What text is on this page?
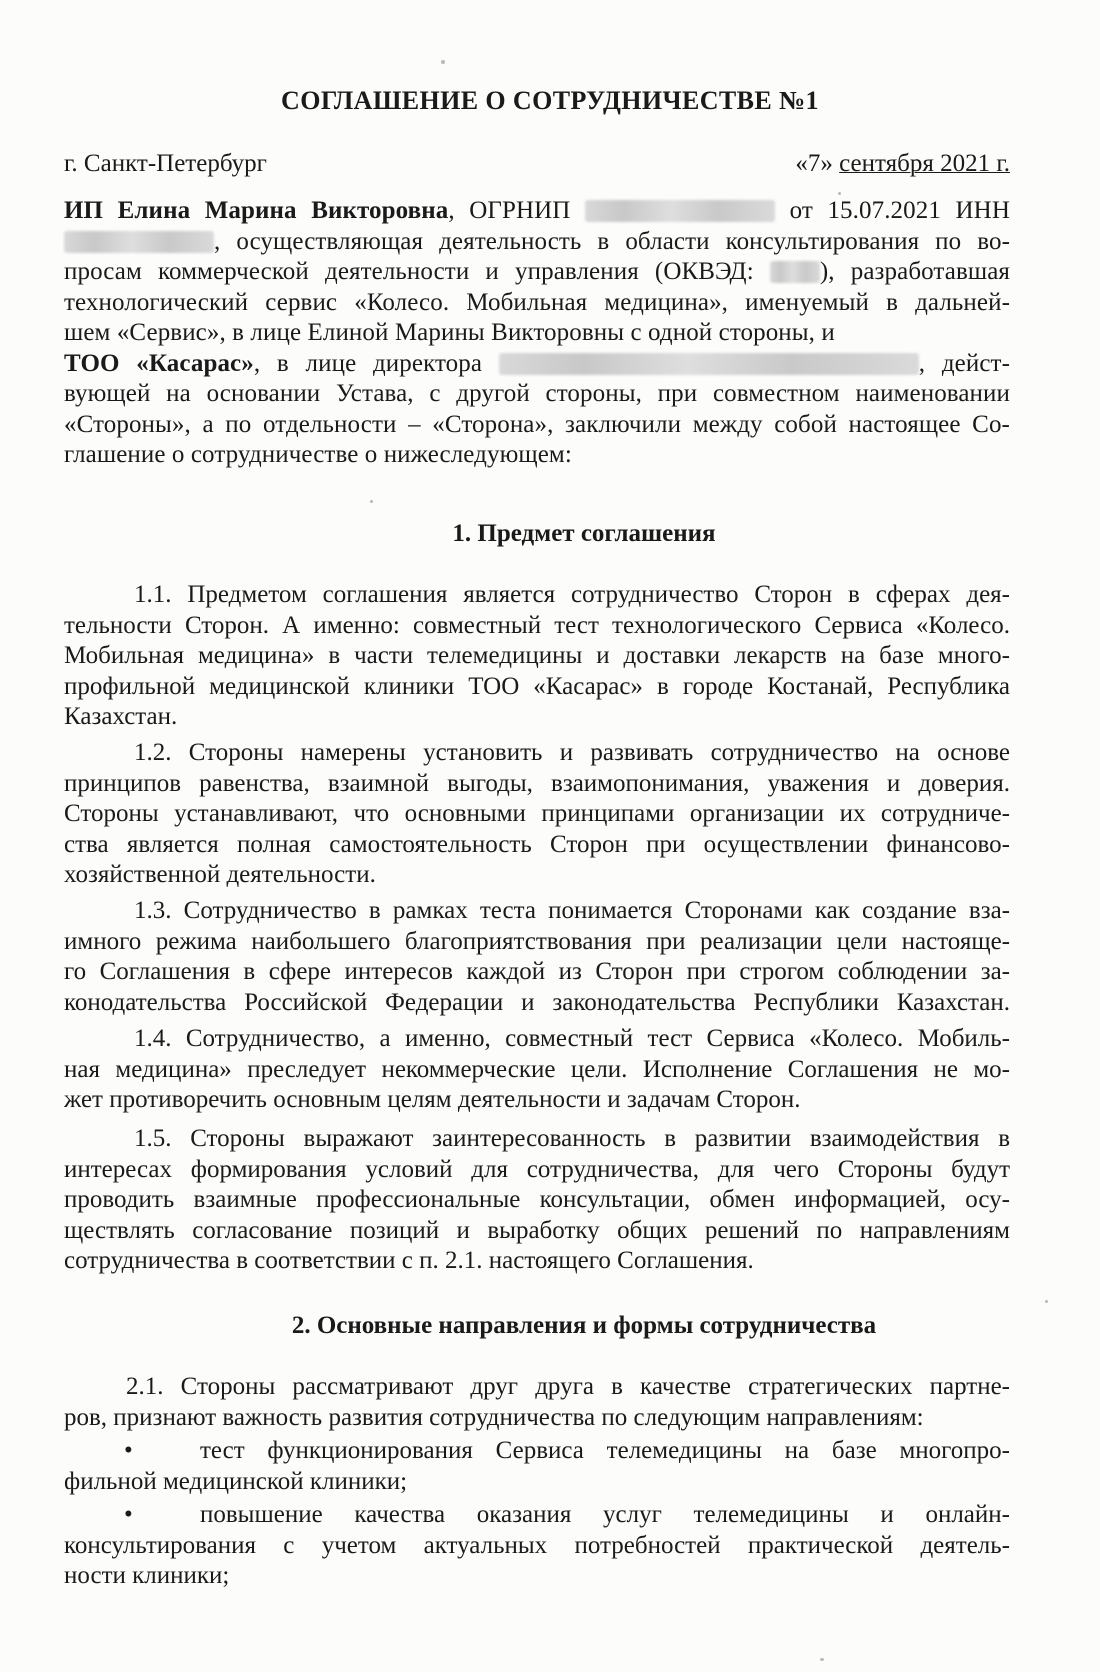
СОГЛАШЕНИЕ О СОТРУДНИЧЕСТВЕ №1
г. Санкт-Петербург	«7» сентября 2021 г.
ИП Елина Марина Викторовна, ОГРНИП	от 15.07.2021 ИНН
, осуществляющая деятельность в области консультирования по во-
просам коммерческой деятельности и управления (ОКВЭД:	), разработавшая
технологический сервис «Колесо. Мобильная медицина», именуемый в дальней-
шем «Сервис», в лице Елиной Марины Викторовны с одной стороны, и
ТОО «Касарас», в лице директора	, дейст-
вующей на основании Устава, с другой стороны, при совместном наименовании
«Стороны», а по отдельности – «Сторона», заключили между собой настоящее Со-
глашение о сотрудничестве о нижеследующем:
1. Предмет соглашения
1.1. Предметом соглашения является сотрудничество Сторон в сферах дея-
тельности Сторон. А именно: совместный тест технологического Сервиса «Колесо.
Мобильная медицина» в части телемедицины и доставки лекарств на базе много-
профильной медицинской клиники ТОО «Касарас» в городе Костанай, Республика
Казахстан.
1.2. Стороны намерены установить и развивать сотрудничество на основе
принципов равенства, взаимной выгоды, взаимопонимания, уважения и доверия.
Стороны устанавливают, что основными принципами организации их сотрудниче-
ства является полная самостоятельность Сторон при осуществлении финансово-
хозяйственной деятельности.
1.3. Сотрудничество в рамках теста понимается Сторонами как создание вза-
имного режима наибольшего благоприятствования при реализации цели настояще-
го Соглашения в сфере интересов каждой из Сторон при строгом соблюдении за-
конодательства Российской Федерации и законодательства Республики Казахстан.
1.4. Сотрудничество, а именно, совместный тест Сервиса «Колесо. Мобиль-
ная медицина» преследует некоммерческие цели. Исполнение Соглашения не мо-
жет противоречить основным целям деятельности и задачам Сторон.
1.5. Стороны выражают заинтересованность в развитии взаимодействия в
интересах формирования условий для сотрудничества, для чего Стороны будут
проводить взаимные профессиональные консультации, обмен информацией, осу-
ществлять согласование позиций и выработку общих решений по направлениям
сотрудничества в соответствии с п. 2.1. настоящего Соглашения.
2. Основные направления и формы сотрудничества
2.1. Стороны рассматривают друг друга в качестве стратегических партне-
ров, признают важность развития сотрудничества по следующим направлениям:
•	тест функционирования Сервиса телемедицины на базе многопро-
фильной медицинской клиники;
•	повышение качества оказания услуг телемедицины и онлайн-
консультирования с учетом актуальных потребностей практической деятель-
ности клиники;
